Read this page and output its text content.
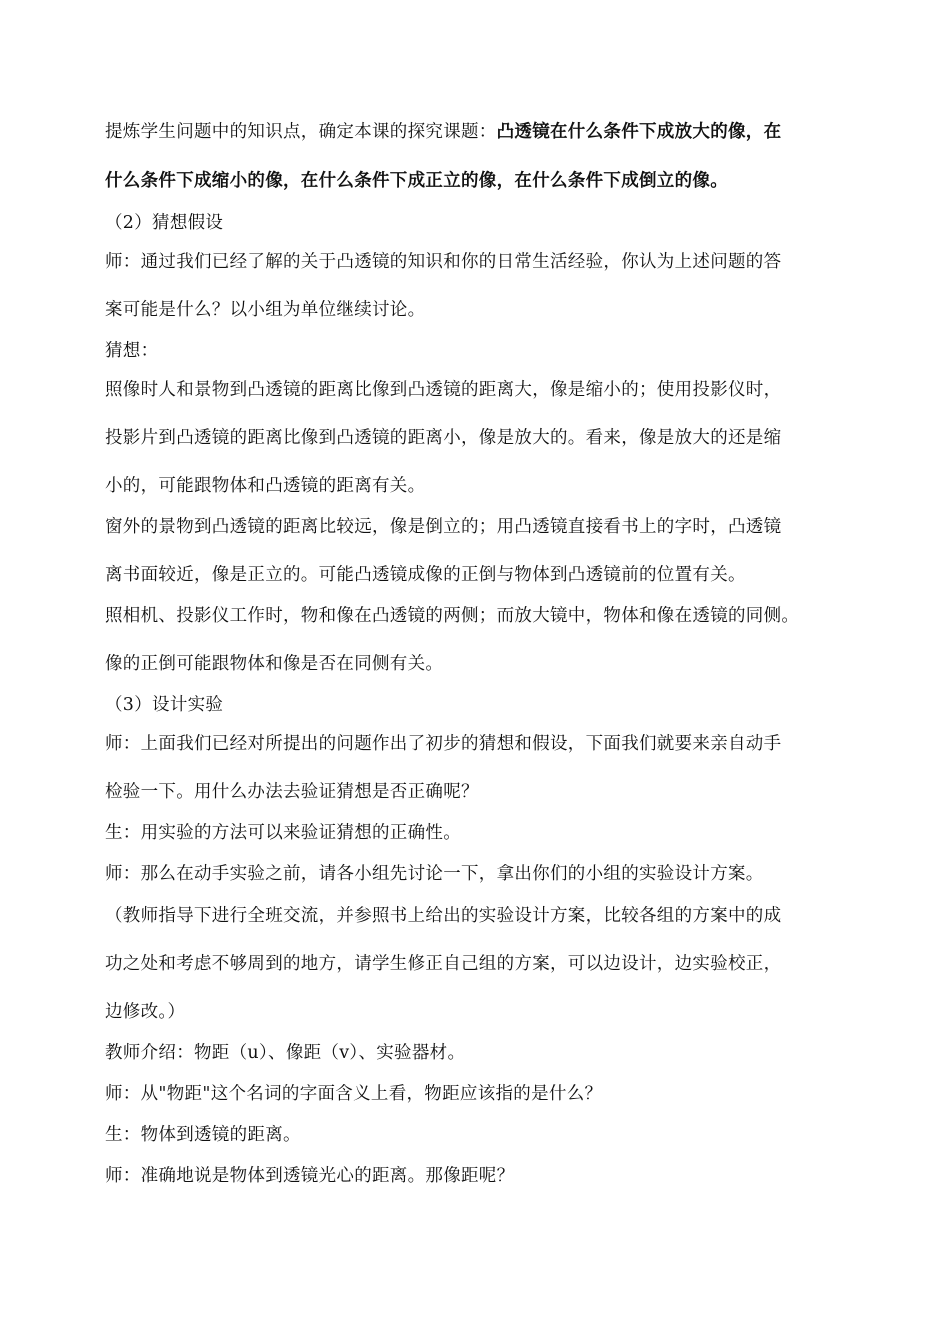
提炼学生问题中的知识点，确定本课的探究课题：凸透镜在什么条件下成放大的像，在
什么条件下成缩小的像，在什么条件下成正立的像，在什么条件下成倒立的像。
（2）猜想假设
师：通过我们已经了解的关于凸透镜的知识和你的日常生活经验，你认为上述问题的答
案可能是什么？以小组为单位继续讨论。
猜想：
照像时人和景物到凸透镜的距离比像到凸透镜的距离大，像是缩小的；使用投影仪时，
投影片到凸透镜的距离比像到凸透镜的距离小，像是放大的。看来，像是放大的还是缩
小的，可能跟物体和凸透镜的距离有关。
窗外的景物到凸透镜的距离比较远，像是倒立的；用凸透镜直接看书上的字时，凸透镜
离书面较近，像是正立的。可能凸透镜成像的正倒与物体到凸透镜前的位置有关。
照相机、投影仪工作时，物和像在凸透镜的两侧；而放大镜中，物体和像在透镜的同侧。
像的正倒可能跟物体和像是否在同侧有关。
（3）设计实验
师：上面我们已经对所提出的问题作出了初步的猜想和假设，下面我们就要来亲自动手
检验一下。用什么办法去验证猜想是否正确呢？
生：用实验的方法可以来验证猜想的正确性。
师：那么在动手实验之前，请各小组先讨论一下，拿出你们的小组的实验设计方案。
（教师指导下进行全班交流，并参照书上给出的实验设计方案，比较各组的方案中的成
功之处和考虑不够周到的地方，请学生修正自己组的方案，可以边设计，边实验校正，
边修改。）
教师介绍：物距（u）、像距（v）、实验器材。
师：从"物距"这个名词的字面含义上看，物距应该指的是什么？
生：物体到透镜的距离。
师：准确地说是物体到透镜光心的距离。那像距呢？
